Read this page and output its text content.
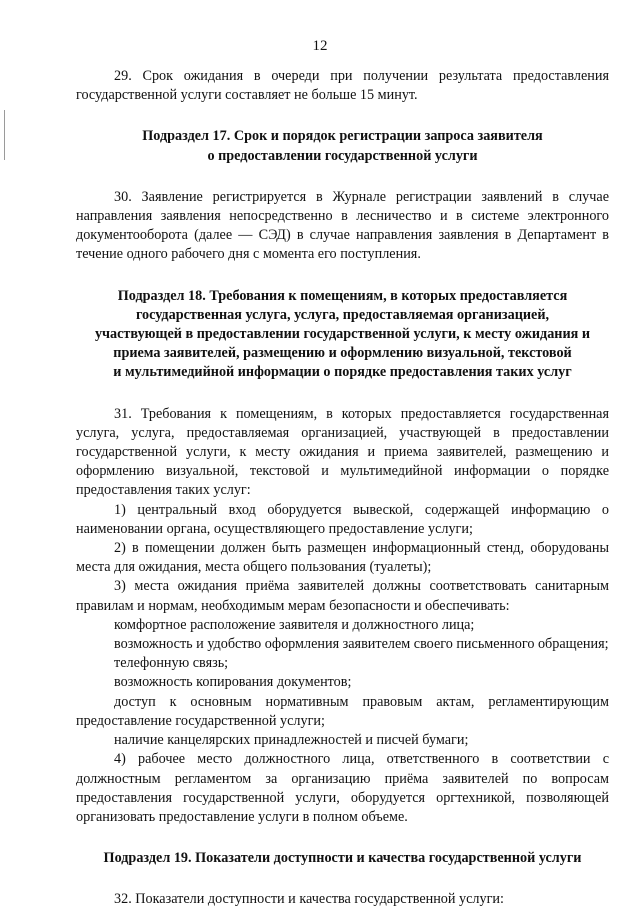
12

29. Срок ожидания в очереди при получении результата предоставления государственной услуги составляет не больше 15 минут.

Подраздел 17. Срок и порядок регистрации запроса заявителя
о предоставлении государственной услуги

30. Заявление регистрируется в Журнале регистрации заявлений в случае направления заявления непосредственно в лесничество и в системе электронного документооборота (далее — СЭД) в случае направления заявления в Департамент в течение одного рабочего дня с момента его поступления.

Подраздел 18. Требования к помещениям, в которых предоставляется
государственная услуга, услуга, предоставляемая организацией,
участвующей в предоставлении государственной услуги, к месту ожидания и
приема заявителей, размещению и оформлению визуальной, текстовой
и мультимедийной информации о порядке предоставления таких услуг

31. Требования к помещениям, в которых предоставляется государственная услуга, услуга, предоставляемая организацией, участвующей в предоставлении государственной услуги, к месту ожидания и приема заявителей, размещению и оформлению визуальной, текстовой и мультимедийной информации о порядке предоставления таких услуг:

1) центральный вход оборудуется вывеской, содержащей информацию о наименовании органа, осуществляющего предоставление услуги;

2) в помещении должен быть размещен информационный стенд, оборудованы места для ожидания, места общего пользования (туалеты);

3) места ожидания приёма заявителей должны соответствовать санитарным правилам и нормам, необходимым мерам безопасности и обеспечивать:

комфортное расположение заявителя и должностного лица;

возможность и удобство оформления заявителем своего письменного обращения;

телефонную связь;

возможность копирования документов;

доступ к основным нормативным правовым актам, регламентирующим предоставление государственной услуги;

наличие канцелярских принадлежностей и писчей бумаги;

4) рабочее место должностного лица, ответственного в соответствии с должностным регламентом за организацию приёма заявителей по вопросам предоставления государственной услуги, оборудуется оргтехникой, позволяющей организовать предоставление услуги в полном объеме.

Подраздел 19. Показатели доступности и качества государственной услуги

32. Показатели доступности и качества государственной услуги:
